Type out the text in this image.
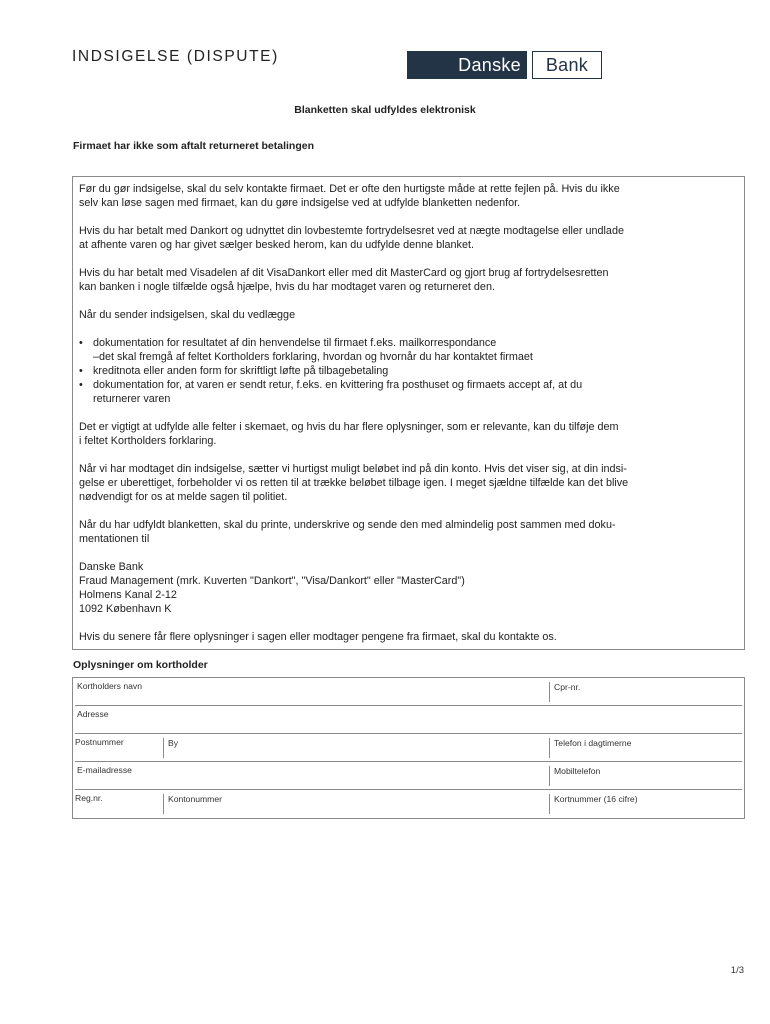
INDSIGELSE (DISPUTE)	Danske	Bank
Blanketten skal udfyldes elektronisk
Firmaet har ikke som aftalt returneret betalingen

Før du gør indsigelse, skal du selv kontakte firmaet. Det er ofte den hurtigste måde at rette fejlen på. Hvis du ikke
selv kan løse sagen med firmaet, kan du gøre indsigelse ved at udfylde blanketten nedenfor.

Hvis du har betalt med Dankort og udnyttet din lovbestemte fortrydelsesret ved at nægte modtagelse eller undlade
at afhente varen og har givet sælger besked herom, kan du udfylde denne blanket.

Hvis du har betalt med Visadelen af dit VisaDankort eller med dit MasterCard og gjort brug af fortrydelsesretten
kan banken i nogle tilfælde også hjælpe, hvis du har modtaget varen og returneret den.

Når du sender indsigelsen, skal du vedlægge

• dokumentation for resultatet af din henvendelse til firmaet f.eks. mailkorrespondance
–det skal fremgå af feltet Kortholders forklaring, hvordan og hvornår du har kontaktet firmaet
• kreditnota eller anden form for skriftligt løfte på tilbagebetaling
• dokumentation for, at varen er sendt retur, f.eks. en kvittering fra posthuset og firmaets accept af, at du
returnerer varen

Det er vigtigt at udfylde alle felter i skemaet, og hvis du har flere oplysninger, som er relevante, kan du tilføje dem
i feltet Kortholders forklaring.

Når vi har modtaget din indsigelse, sætter vi hurtigst muligt beløbet ind på din konto. Hvis det viser sig, at din indsi-
gelse er uberettiget, forbeholder vi os retten til at trække beløbet tilbage igen. I meget sjældne tilfælde kan det blive
nødvendigt for os at melde sagen til politiet.

Når du har udfyldt blanketten, skal du printe, underskrive og sende den med almindelig post sammen med doku-
mentationen til

Danske Bank
Fraud Management (mrk. Kuverten "Dankort", "Visa/Dankort" eller "MasterCard")
Holmens Kanal 2-12
1092 København K

Hvis du senere får flere oplysninger i sagen eller modtager pengene fra firmaet, skal du kontakte os.

Oplysninger om kortholder
Kortholders navn	Cpr-nr.
Adresse
Postnummer	By	Telefon i dagtimerne
E-mailadresse	Mobiltelefon
Reg.nr.	Kontonummer	Kortnummer (16 cifre)
1/3
